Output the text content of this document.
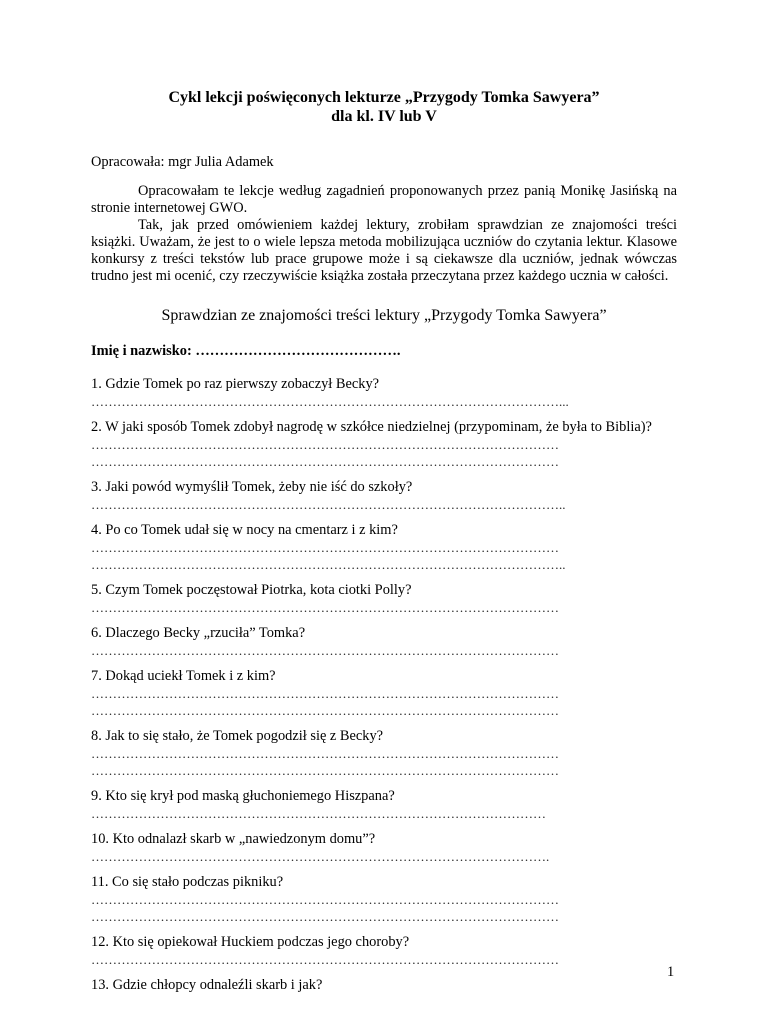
Cykl lekcji poświęconych lekturze „Przygody Tomka Sawyera”
dla kl. IV lub V

Opracowała: mgr Julia Adamek

Opracowałam te lekcje według zagadnień proponowanych przez panią Monikę Jasińską na stronie internetowej GWO.

Tak, jak przed omówieniem każdej lektury, zrobiłam sprawdzian ze znajomości treści książki. Uważam, że jest to o wiele lepsza metoda mobilizująca uczniów do czytania lektur. Klasowe konkursy z treści tekstów lub prace grupowe może i są ciekawsze dla uczniów, jednak wówczas trudno jest mi ocenić, czy rzeczywiście książka została przeczytana przez każdego ucznia w całości.

Sprawdzian ze znajomości treści lektury „Przygody Tomka Sawyera”

Imię i nazwisko: …………………………………….

1. Gdzie Tomek po raz pierwszy zobaczył Becky?

………………………………………………………………………………………………...

2. W jaki sposób Tomek zdobył nagrodę w szkółce niedzielnej (przypominam, że była to Biblia)?

………………………………………………………………………………………………

………………………………………………………………………………………………

3. Jaki powód wymyślił Tomek, żeby nie iść do szkoły?

………………………………………………………………………………………………..

4. Po co Tomek udał się w nocy na cmentarz i z kim?

………………………………………………………………………………………………

………………………………………………………………………………………………..

5. Czym Tomek poczęstował Piotrka, kota ciotki Polly?

………………………………………………………………………………………………

6. Dlaczego Becky „rzuciła” Tomka?

………………………………………………………………………………………………

7. Dokąd uciekł Tomek i z kim?

………………………………………………………………………………………………

………………………………………………………………………………………………

8. Jak to się stało, że Tomek pogodził się z Becky?

………………………………………………………………………………………………

………………………………………………………………………………………………

9. Kto się krył pod maską głuchoniemego Hiszpana?

……………………………………………………………………………………………

10. Kto odnalazł skarb w „nawiedzonym domu”?

…………………………………………………………………………………………….

11. Co się stało podczas pikniku?

………………………………………………………………………………………………

………………………………………………………………………………………………

12. Kto się opiekował Huckiem podczas jego choroby?

………………………………………………………………………………………………

13. Gdzie chłopcy odnaleźli skarb i jak?

1
